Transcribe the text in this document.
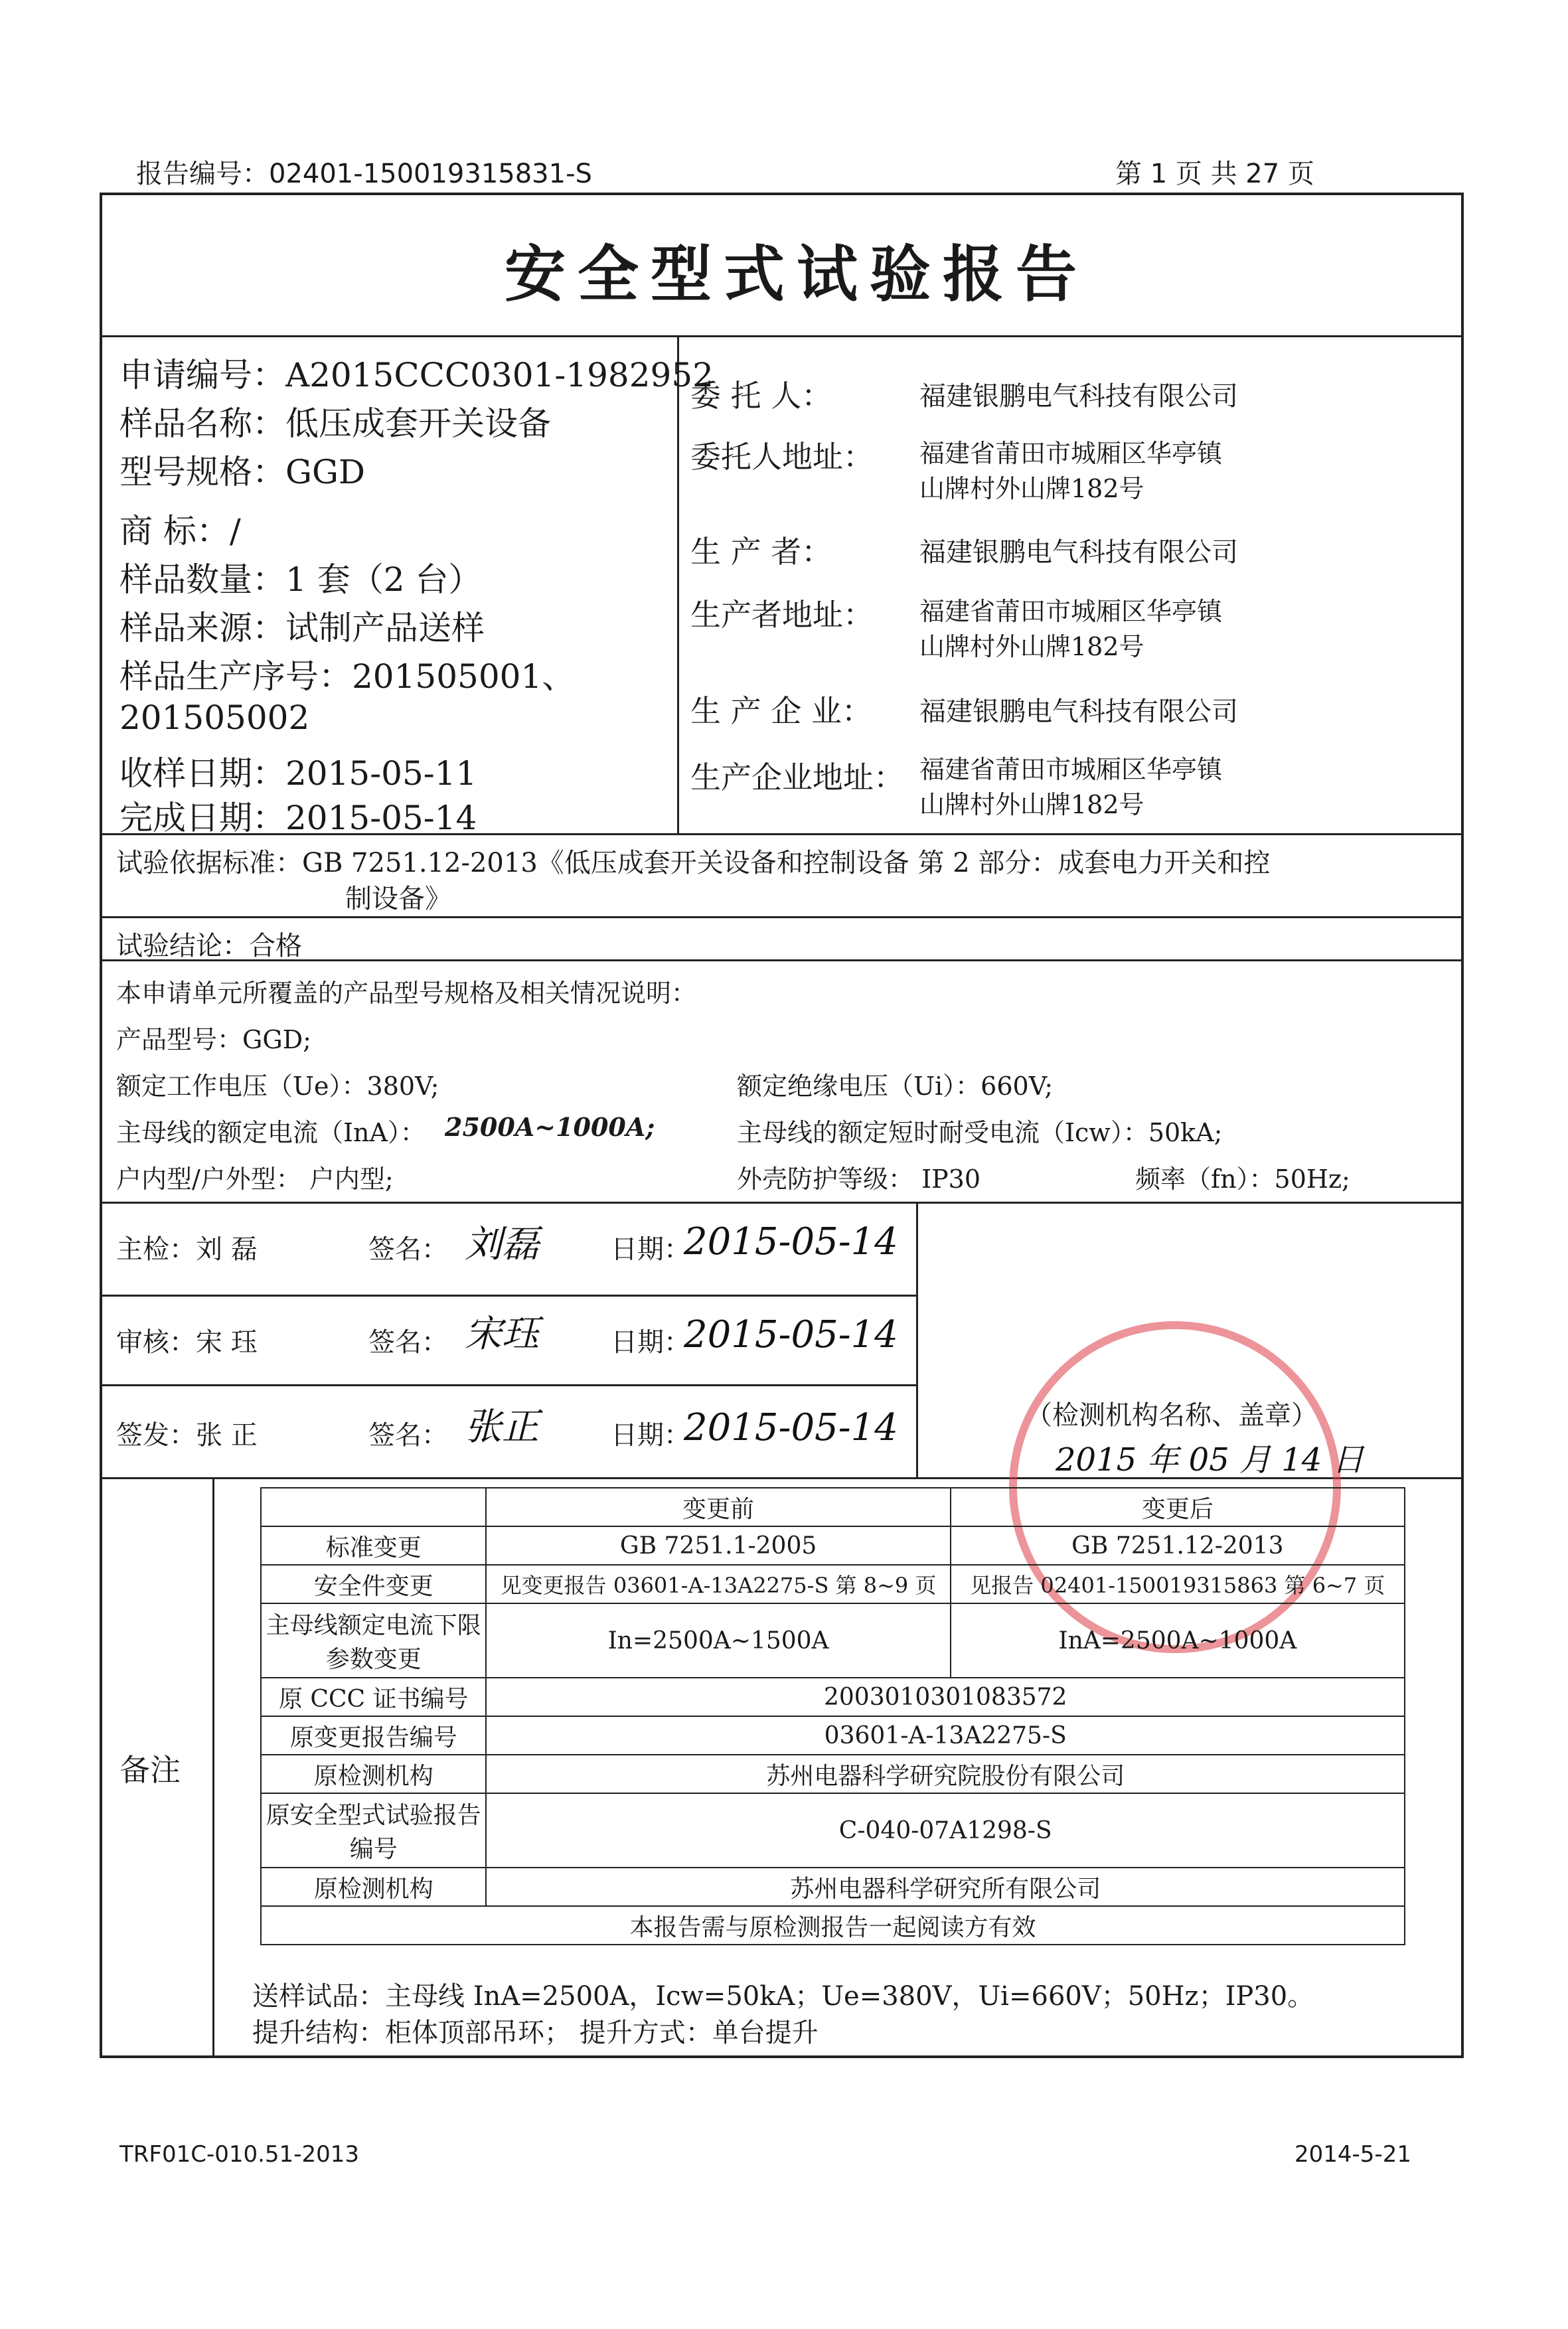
报告编号：02401-150019315831-S	第 1 页 共 27 页
安全型式试验报告
申请编号：A2015CCC0301-1982952
样品名称：低压成套开关设备
型号规格：GGD
商 标：/
样品数量：1 套（2 台）
样品来源：试制产品送样
样品生产序号：201505001、
201505002
收样日期：2015-05-11
完成日期：2015-05-14
委 托 人：	福建银鹏电气科技有限公司
委托人地址： 福建省莆田市城厢区华亭镇
山牌村外山牌182号
生 产 者：	福建银鹏电气科技有限公司
生产者地址： 福建省莆田市城厢区华亭镇
山牌村外山牌182号
生 产 企 业： 福建银鹏电气科技有限公司
生产企业地址： 福建省莆田市城厢区华亭镇
山牌村外山牌182号
试验依据标准：GB 7251.12-2013《低压成套开关设备和控制设备 第 2 部分：成套电力开关和控
制设备》
试验结论：合格
本申请单元所覆盖的产品型号规格及相关情况说明：
产品型号：GGD;
额定工作电压（Ue）：380V;	额定绝缘电压（Ui）：660V;
主母线的额定电流（InA）： 2500A~1000A;	主母线的额定短时耐受电流（Icw）：50kA;
户内型/户外型： 户内型;	外壳防护等级： IP30	频率（fn）：50Hz;
主检：刘 磊	签名： 刘磊	日期：
2015-05-14
审核：宋 珏	签名： 宋珏	日期：
2015-05-14
签发：张 正	签名： 张正	日期：
2015-05-14	（检测机构名称、盖章）
2015 年 05 月 14 日
备注
	变更前	变更后
标准变更	GB 7251.1-2005	GB 7251.12-2013
安全件变更	见变更报告 03601-A-13A2275-S 第 8~9 页	见报告 02401-150019315863 第 6~7 页
主母线额定电流下限参数变更	In=2500A~1500A	InA=2500A~1000A
原 CCC 证书编号	2003010301083572	
原变更报告编号	03601-A-13A2275-S	
原检测机构	苏州电器科学研究院股份有限公司	
原安全型式试验报告编号	C-040-07A1298-S	
原检测机构	苏州电器科学研究所有限公司	
本报告需与原检测报告一起阅读方有效		
送样试品：主母线 InA=2500A，Icw=50kA；Ue=380V，Ui=660V；50Hz；IP30。
提升结构：柜体顶部吊环； 提升方式：单台提升
TRF01C-010.51-2013	2014-5-21
